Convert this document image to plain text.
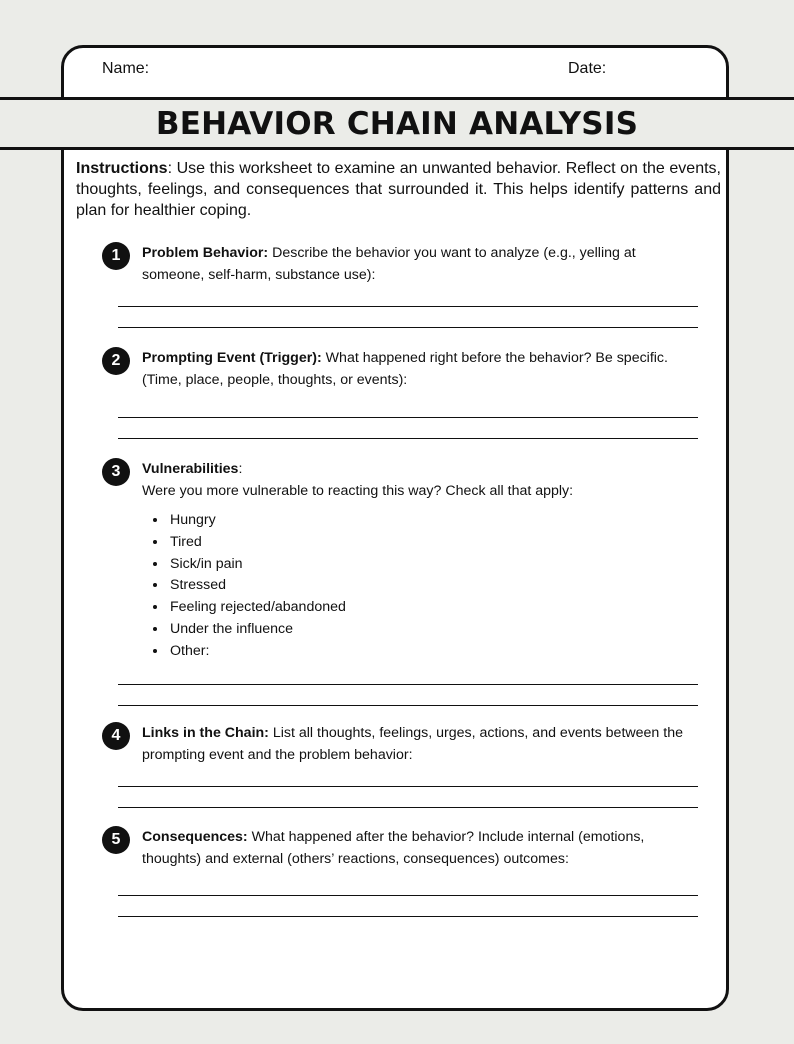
Name:	Date:
BEHAVIOR CHAIN ANALYSIS

Instructions: Use this worksheet to examine an unwanted behavior. Reflect on the events, thoughts, feelings, and consequences that surrounded it. This helps identify patterns and plan for healthier coping.

1	Problem Behavior: Describe the behavior you want to analyze (e.g., yelling at someone, self-harm, substance use):

2	Prompting Event (Trigger): What happened right before the behavior? Be specific. (Time, place, people, thoughts, or events):

3	Vulnerabilities:
Were you more vulnerable to reacting this way? Check all that apply:

• Hungry
• Tired
• Sick/in pain
• Stressed
• Feeling rejected/abandoned
• Under the influence
• Other:
4	Links in the Chain: List all thoughts, feelings, urges, actions, and events between the prompting event and the problem behavior:

5	Consequences: What happened after the behavior? Include internal (emotions, thoughts) and external (others’ reactions, consequences) outcomes:
